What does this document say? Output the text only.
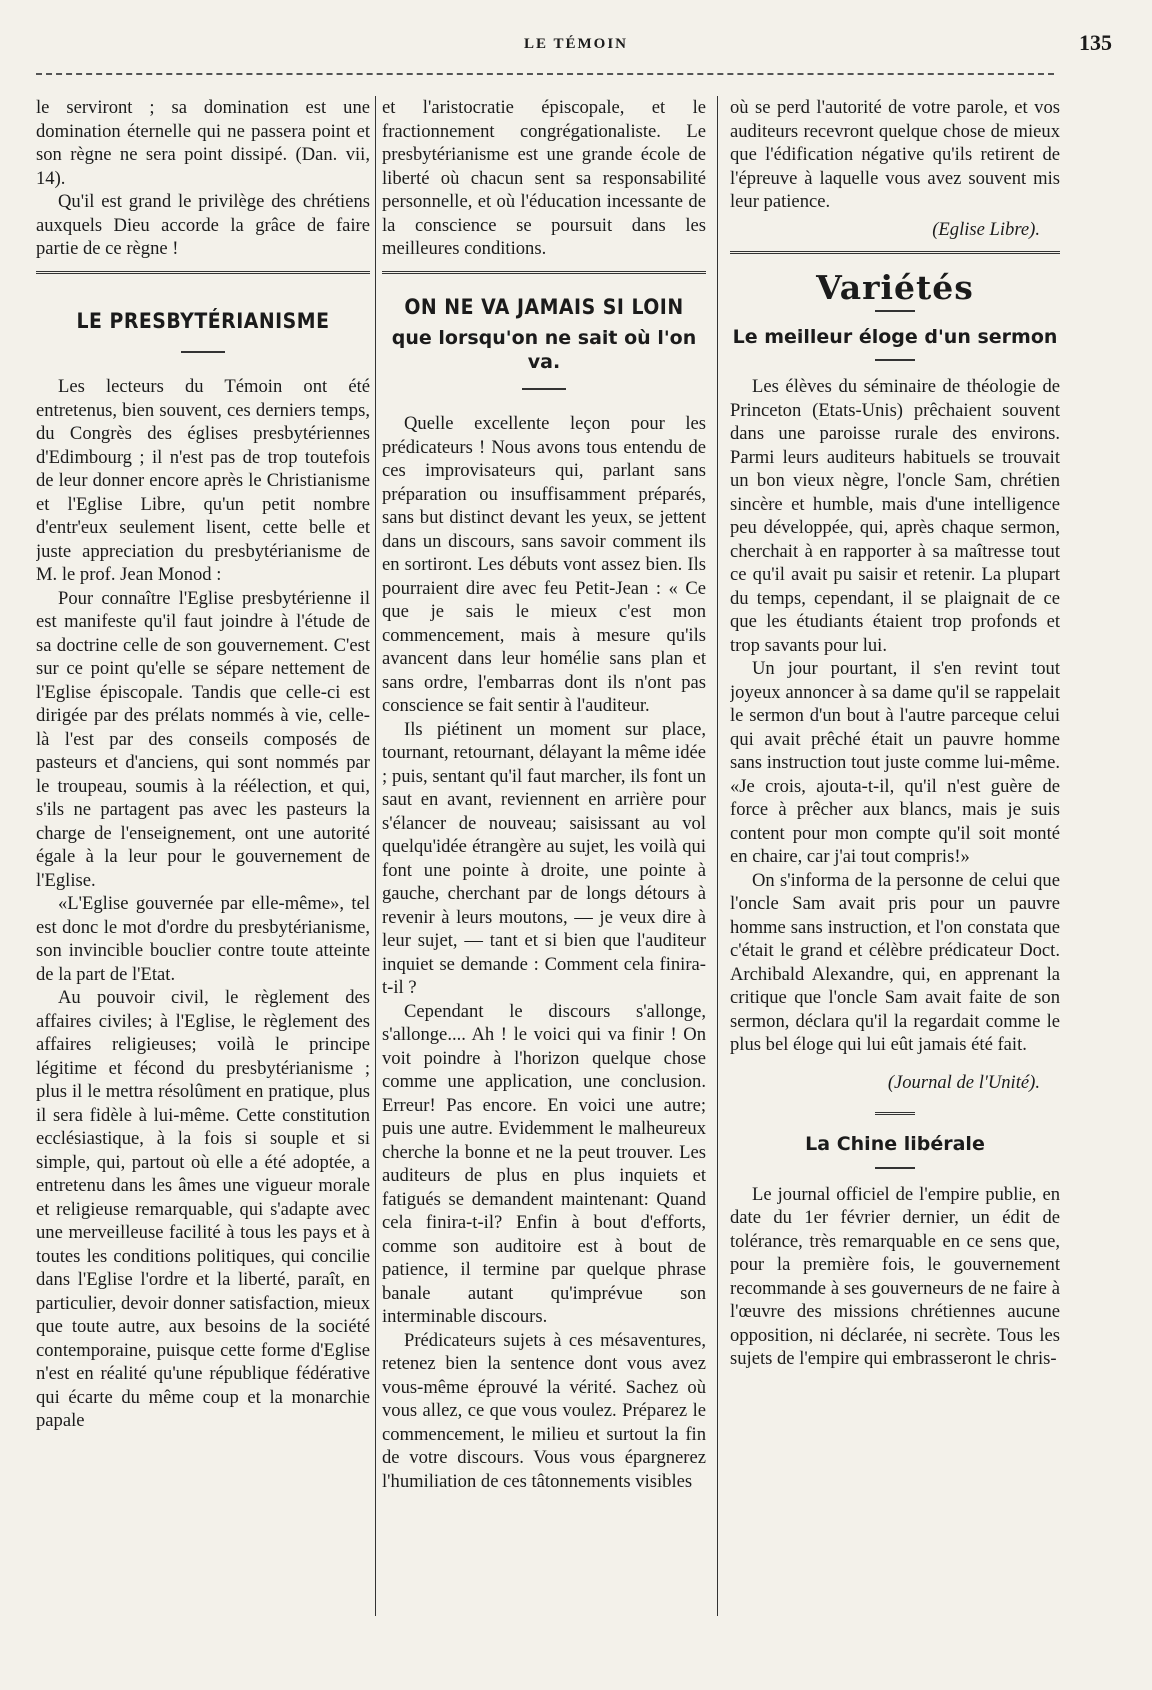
LE TÉMOIN	135

le serviront ; sa domination est une domination éternelle qui ne passera point et son règne ne sera point dissipé. (Dan. vii, 14).

Qu'il est grand le privilège des chrétiens auxquels Dieu accorde la grâce de faire partie de ce règne !

LE PRESBYTÉRIANISME

Les lecteurs du Témoin ont été entretenus, bien souvent, ces derniers temps, du Congrès des églises presbytériennes d'Edimbourg ; il n'est pas de trop toutefois de leur donner encore après le Christianisme et l'Eglise Libre, qu'un petit nombre d'entr'eux seulement lisent, cette belle et juste appreciation du presbytérianisme de M. le prof. Jean Monod :

Pour connaître l'Eglise presbytérienne il est manifeste qu'il faut joindre à l'étude de sa doctrine celle de son gouvernement. C'est sur ce point qu'elle se sépare nettement de l'Eglise épiscopale. Tandis que celle-ci est dirigée par des prélats nommés à vie, celle-là l'est par des conseils composés de pasteurs et d'anciens, qui sont nommés par le troupeau, soumis à la réélection, et qui, s'ils ne partagent pas avec les pasteurs la charge de l'enseignement, ont une autorité égale à la leur pour le gouvernement de l'Eglise.

«L'Eglise gouvernée par elle-même», tel est donc le mot d'ordre du presbytérianisme, son invincible bouclier contre toute atteinte de la part de l'Etat.

Au pouvoir civil, le règlement des affaires civiles; à l'Eglise, le règlement des affaires religieuses; voilà le principe légitime et fécond du presbytérianisme ; plus il le mettra résolûment en pratique, plus il sera fidèle à lui-même. Cette constitution ecclésiastique, à la fois si souple et si simple, qui, partout où elle a été adoptée, a entretenu dans les âmes une vigueur morale et religieuse remarquable, qui s'adapte avec une merveilleuse facilité à tous les pays et à toutes les conditions politiques, qui concilie dans l'Eglise l'ordre et la liberté, paraît, en particulier, devoir donner satisfaction, mieux que toute autre, aux besoins de la société contemporaine, puisque cette forme d'Eglise n'est en réalité qu'une république fédérative qui écarte du même coup et la monarchie papale

et l'aristocratie épiscopale, et le fractionnement congrégationaliste. Le presbytérianisme est une grande école de liberté où chacun sent sa responsabilité personnelle, et où l'éducation incessante de la conscience se poursuit dans les meilleures conditions.

ON NE VA JAMAIS SI LOIN
que lorsqu'on ne sait où l'on va.

Quelle excellente leçon pour les prédicateurs ! Nous avons tous entendu de ces improvisateurs qui, parlant sans préparation ou insuffisamment préparés, sans but distinct devant les yeux, se jettent dans un discours, sans savoir comment ils en sortiront. Les débuts vont assez bien. Ils pourraient dire avec feu Petit-Jean : « Ce que je sais le mieux c'est mon commencement, mais à mesure qu'ils avancent dans leur homélie sans plan et sans ordre, l'embarras dont ils n'ont pas conscience se fait sentir à l'auditeur.

Ils piétinent un moment sur place, tournant, retournant, délayant la même idée ; puis, sentant qu'il faut marcher, ils font un saut en avant, reviennent en arrière pour s'élancer de nouveau; saisissant au vol quelqu'idée étrangère au sujet, les voilà qui font une pointe à droite, une pointe à gauche, cherchant par de longs détours à revenir à leurs moutons, — je veux dire à leur sujet, — tant et si bien que l'auditeur inquiet se demande : Comment cela finira-t-il ?

Cependant le discours s'allonge, s'allonge.... Ah ! le voici qui va finir ! On voit poindre à l'horizon quelque chose comme une application, une conclusion. Erreur! Pas encore. En voici une autre; puis une autre. Evidemment le malheureux cherche la bonne et ne la peut trouver. Les auditeurs de plus en plus inquiets et fatigués se demandent maintenant: Quand cela finira-t-il? Enfin à bout d'efforts, comme son auditoire est à bout de patience, il termine par quelque phrase banale autant qu'imprévue son interminable discours.

Prédicateurs sujets à ces mésaventures, retenez bien la sentence dont vous avez vous-même éprouvé la vérité. Sachez où vous allez, ce que vous voulez. Préparez le commencement, le milieu et surtout la fin de votre discours. Vous vous épargnerez l'humiliation de ces tâtonnements visibles

où se perd l'autorité de votre parole, et vos auditeurs recevront quelque chose de mieux que l'édification négative qu'ils retirent de l'épreuve à laquelle vous avez souvent mis leur patience.

(Eglise Libre).
Variétés
Le meilleur éloge d'un sermon

Les élèves du séminaire de théologie de Princeton (Etats-Unis) prêchaient souvent dans une paroisse rurale des environs. Parmi leurs auditeurs habituels se trouvait un bon vieux nègre, l'oncle Sam, chrétien sincère et humble, mais d'une intelligence peu développée, qui, après chaque sermon, cherchait à en rapporter à sa maîtresse tout ce qu'il avait pu saisir et retenir. La plupart du temps, cependant, il se plaignait de ce que les étudiants étaient trop profonds et trop savants pour lui.

Un jour pourtant, il s'en revint tout joyeux annoncer à sa dame qu'il se rappelait le sermon d'un bout à l'autre parceque celui qui avait prêché était un pauvre homme sans instruction tout juste comme lui-même. «Je crois, ajouta-t-il, qu'il n'est guère de force à prêcher aux blancs, mais je suis content pour mon compte qu'il soit monté en chaire, car j'ai tout compris!»

On s'informa de la personne de celui que l'oncle Sam avait pris pour un pauvre homme sans instruction, et l'on constata que c'était le grand et célèbre prédicateur Doct. Archibald Alexandre, qui, en apprenant la critique que l'oncle Sam avait faite de son sermon, déclara qu'il la regardait comme le plus bel éloge qui lui eût jamais été fait.

(Journal de l'Unité).
La Chine libérale

Le journal officiel de l'empire publie, en date du 1er février dernier, un édit de tolérance, très remarquable en ce sens que, pour la première fois, le gouvernement recommande à ses gouverneurs de ne faire à l'œuvre des missions chrétiennes aucune opposition, ni déclarée, ni secrète. Tous les sujets de l'empire qui embrasseront le chris-
